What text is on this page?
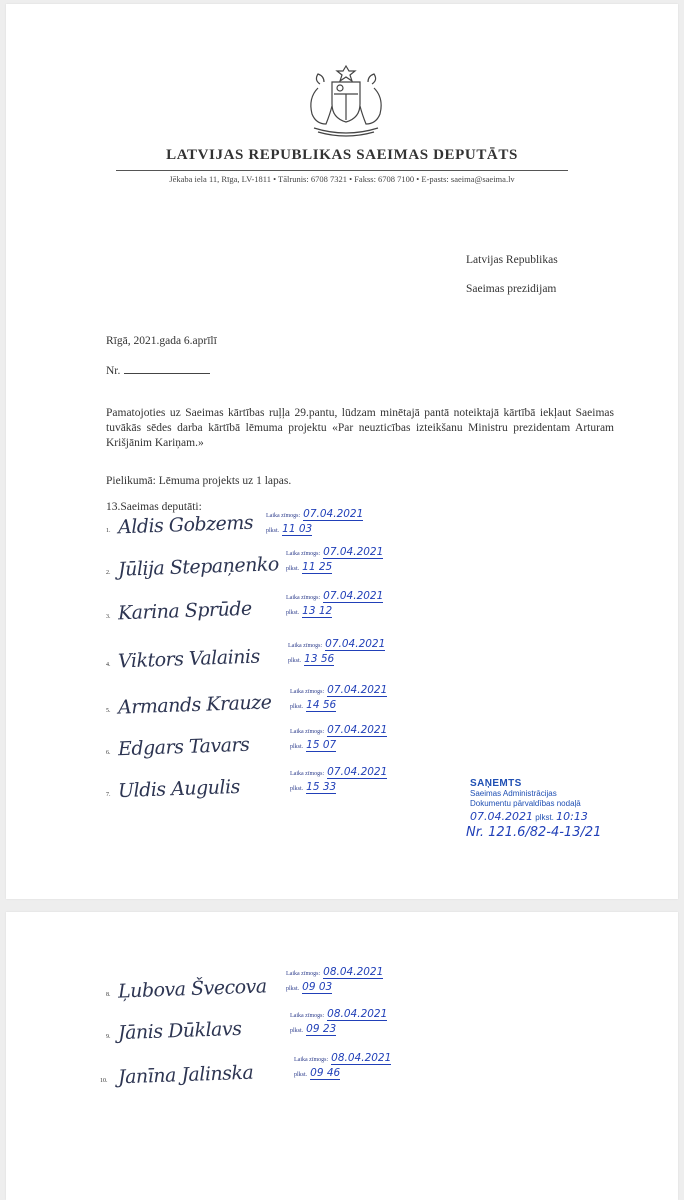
LATVIJAS REPUBLIKAS SAEIMAS DEPUTĀTS
Jēkaba iela 11, Rīga, LV-1811 • Tālrunis: 6708 7321 • Fakss: 6708 7100 • E-pasts: saeima@saeima.lv
Latvijas Republikas
Saeimas prezidijam
Rīgā, 2021.gada 6.aprīlī
Nr.
Pamatojoties uz Saeimas kārtības ruļļa 29.pantu, lūdzam minētajā pantā noteiktajā kārtībā iekļaut Saeimas tuvākās sēdes darba kārtībā lēmuma projektu «Par neuzticības izteikšanu Ministru prezidentam Arturam Krišjānim Kariņam.»
Pielikumā: Lēmuma projekts uz 1 lapas.
13.Saeimas deputāti:
1. Aldis Gobzems Laika zīmogs: 07.04.2021
plkst. 11 03
2. Jūlija Stepaņenko Laika zīmogs: 07.04.2021
plkst. 11 25
3. Karina Sprūde	Laika zīmogs: 07.04.2021
plkst. 13 12
4. Viktors Valainis	Laika zīmogs: 07.04.2021
plkst. 13 56
5. Armands Krauze	Laika zīmogs: 07.04.2021
plkst. 14 56
6. Edgars Tavars
Laika zīmogs: 07.04.2021
plkst. 15 07
7. Uldis Augulis
Laika zīmogs: 07.04.2021
plkst. 15 33	SAŅEMTS
Saeimas Administrācijas
Dokumentu pārvaldības nodaļā
07.04.2021 plkst. 10:13
Nr. 121.6/82-4-13/21
8. Ļubova Švecova
Laika zīmogs: 08.04.2021
plkst. 09 03
9. Jānis Dūklavs
Laika zīmogs: 08.04.2021
plkst. 09 23
10. Janīna Jalinska
Laika zīmogs: 08.04.2021
plkst. 09 46
